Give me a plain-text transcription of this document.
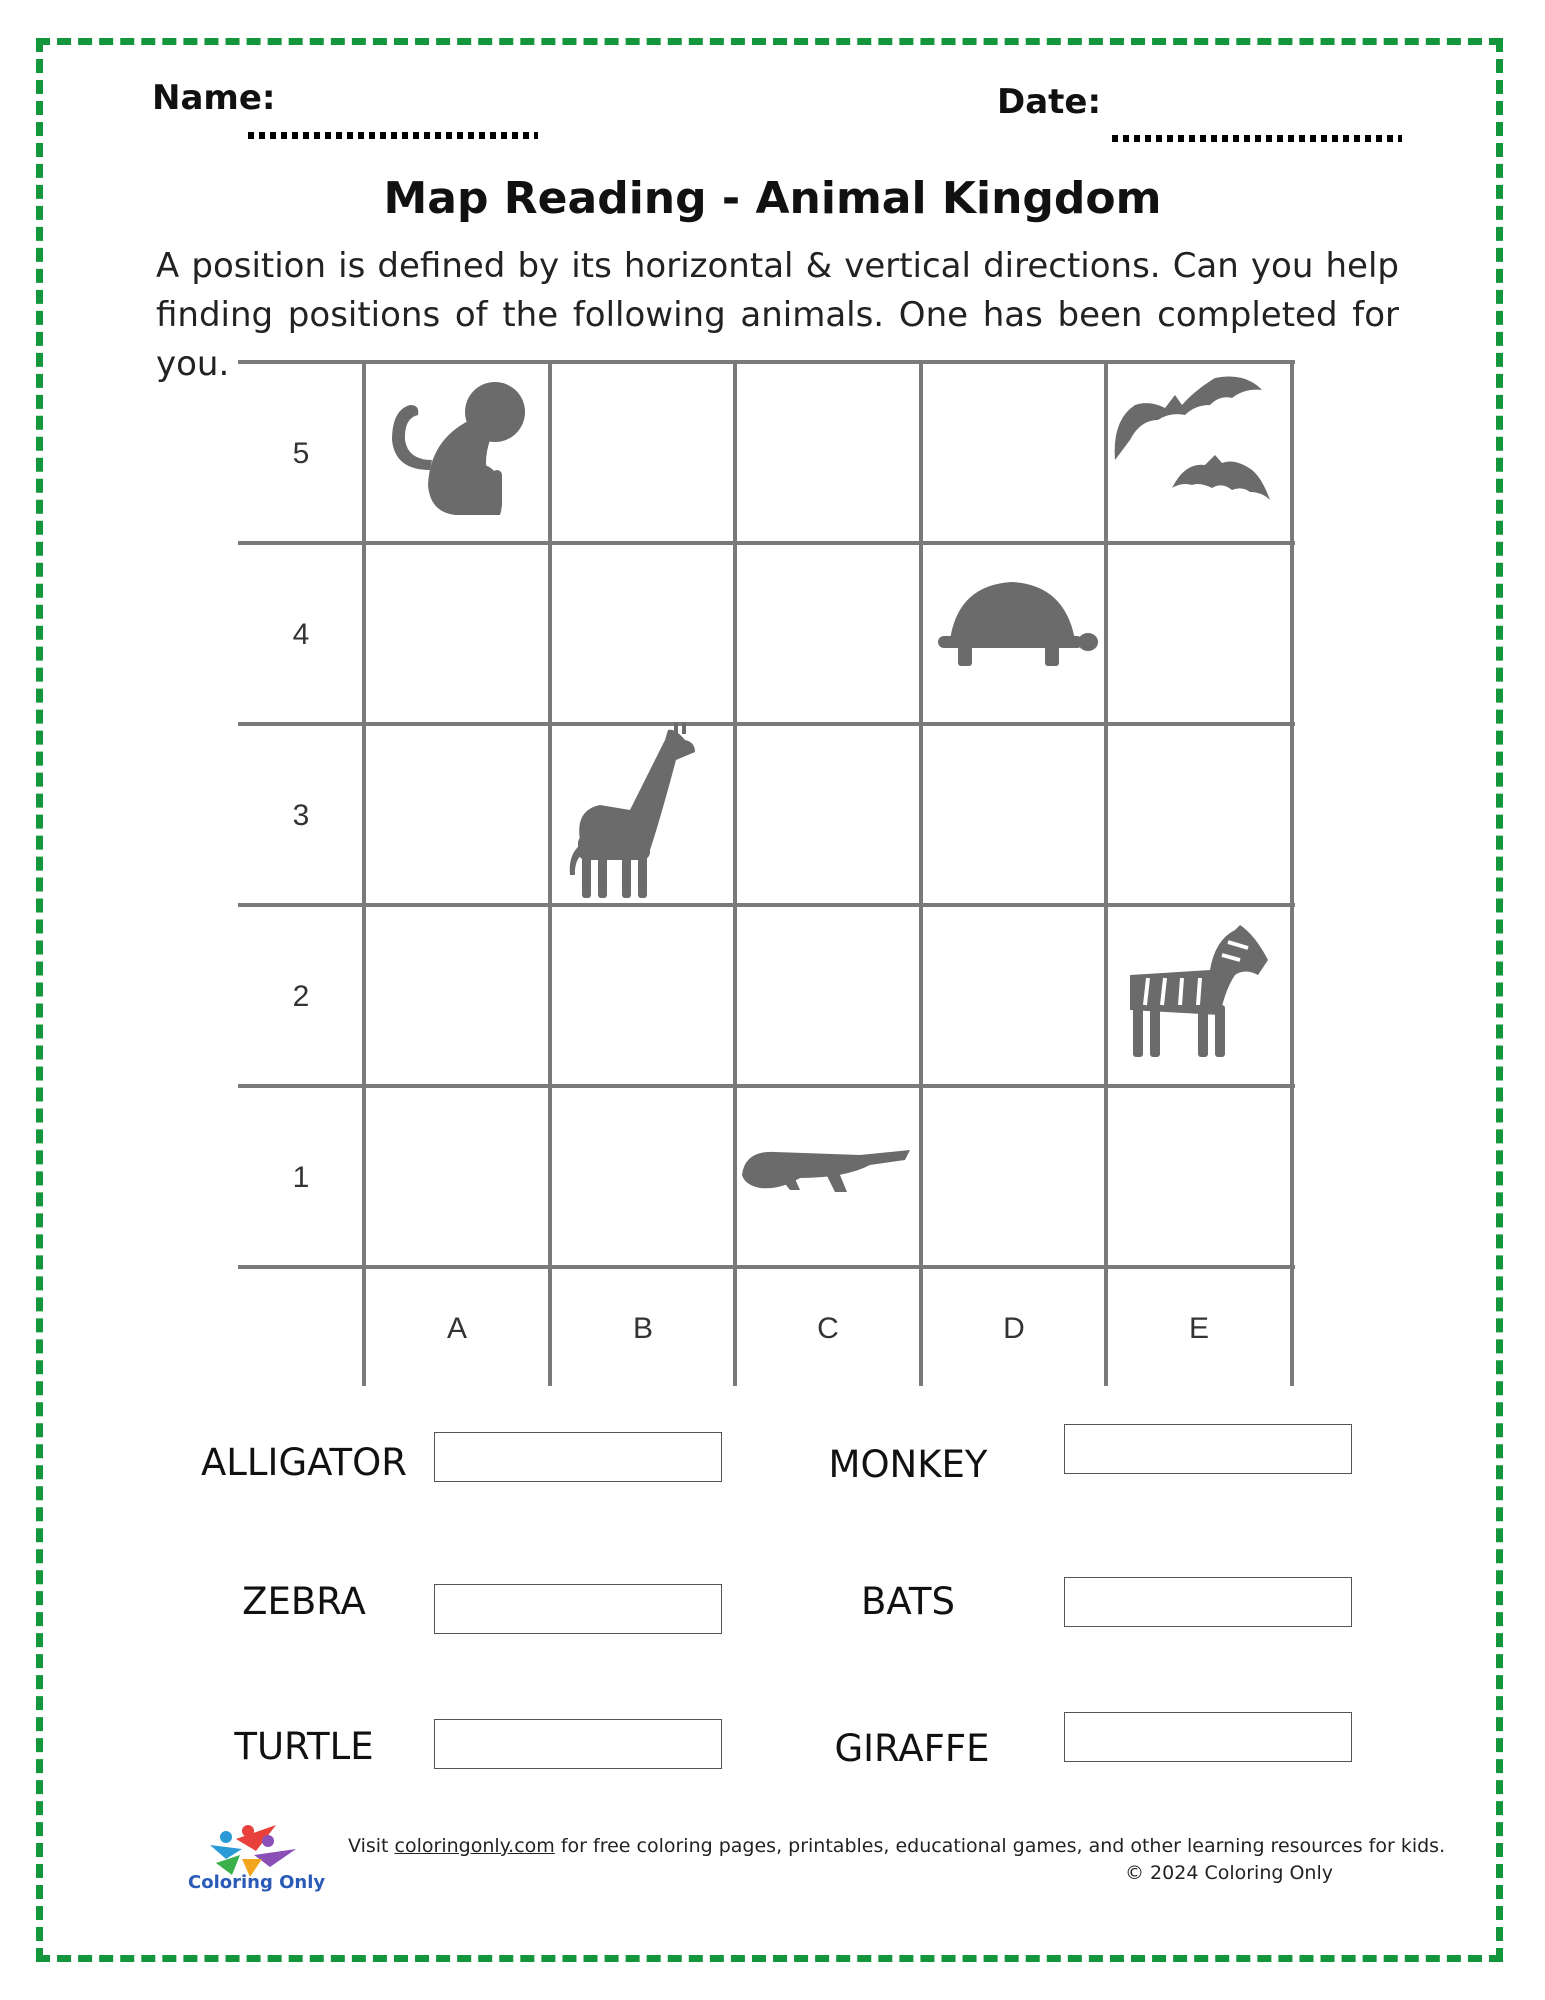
Name:	Date:
Map Reading - Animal Kingdom
A position is defined by its horizontal & vertical directions. Can you help finding positions of the following animals. One has been completed for you.
5
4
3
2
1
A	B	C	D	E
ALLIGATOR	MONKEY
ZEBRA	BATS
TURTLE	GIRAFFE
Coloring Only
Visit coloringonly.com for free coloring pages, printables, educational games, and other learning resources for kids.
© 2024 Coloring Only
